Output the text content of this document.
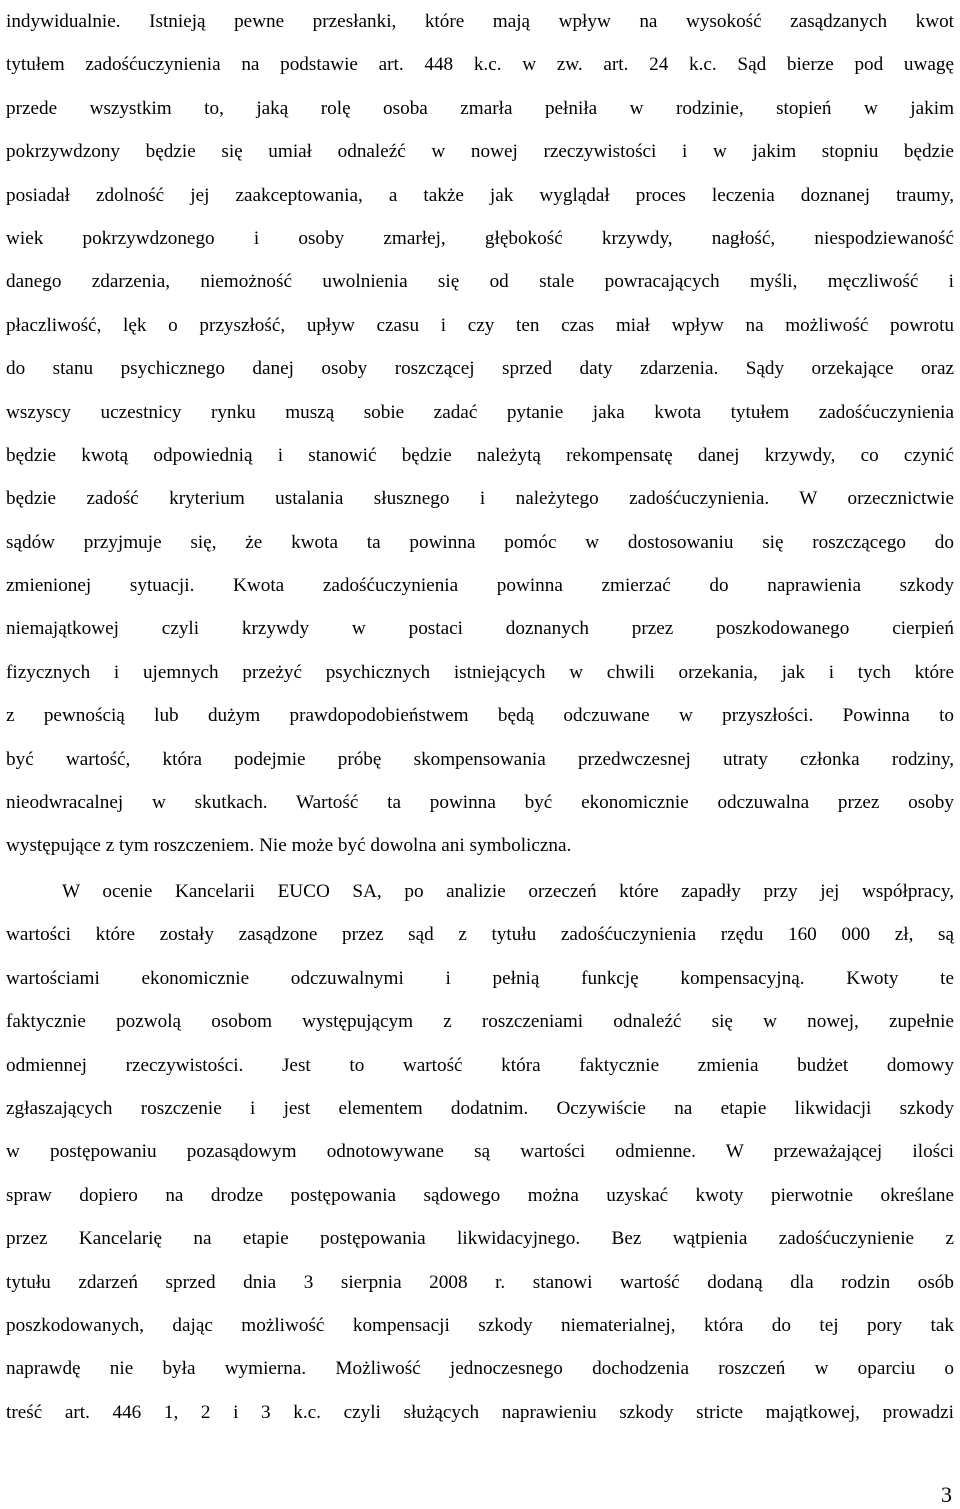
indywidualnie. Istnieją pewne przesłanki, które mają wpływ na wysokość zasądzanych kwot
tytułem zadośćuczynienia na podstawie art. 448 k.c. w zw. art. 24 k.c. Sąd bierze pod uwagę
przede wszystkim to, jaką rolę osoba zmarła pełniła w rodzinie, stopień w jakim
pokrzywdzony będzie się umiał odnaleźć w nowej rzeczywistości i w jakim stopniu będzie
posiadał zdolność jej zaakceptowania, a także jak wyglądał proces leczenia doznanej traumy,
wiek pokrzywdzonego i osoby zmarłej, głębokość krzywdy, nagłość, niespodziewaność
danego zdarzenia, niemożność uwolnienia się od stale powracających myśli, męczliwość i
płaczliwość, lęk o przyszłość, upływ czasu i czy ten czas miał wpływ na możliwość powrotu
do stanu psychicznego danej osoby roszczącej sprzed daty zdarzenia. Sądy orzekające oraz
wszyscy uczestnicy rynku muszą sobie zadać pytanie jaka kwota tytułem zadośćuczynienia
będzie kwotą odpowiednią i stanowić będzie należytą rekompensatę danej krzywdy, co czynić
będzie zadość kryterium ustalania słusznego i należytego zadośćuczynienia. W orzecznictwie
sądów przyjmuje się, że kwota ta powinna pomóc w dostosowaniu się roszczącego do
zmienionej sytuacji. Kwota zadośćuczynienia powinna zmierzać do naprawienia szkody
niemajątkowej czyli krzywdy w postaci doznanych przez poszkodowanego cierpień
fizycznych i ujemnych przeżyć psychicznych istniejących w chwili orzekania, jak i tych które
z pewnością lub dużym prawdopodobieństwem będą odczuwane w przyszłości. Powinna to
być wartość, która podejmie próbę skompensowania przedwczesnej utraty członka rodziny,
nieodwracalnej w skutkach. Wartość ta powinna być ekonomicznie odczuwalna przez osoby
występujące z tym roszczeniem. Nie może być dowolna ani symboliczna.
W ocenie Kancelarii EUCO SA, po analizie orzeczeń które zapadły przy jej współpracy,
wartości które zostały zasądzone przez sąd z tytułu zadośćuczynienia rzędu 160 000 zł, są
wartościami ekonomicznie odczuwalnymi i pełnią funkcję kompensacyjną. Kwoty te
faktycznie pozwolą osobom występującym z roszczeniami odnaleźć się w nowej, zupełnie
odmiennej rzeczywistości. Jest to wartość która faktycznie zmienia budżet domowy
zgłaszających roszczenie i jest elementem dodatnim. Oczywiście na etapie likwidacji szkody
w postępowaniu pozasądowym odnotowywane są wartości odmienne. W przeważającej ilości
spraw dopiero na drodze postępowania sądowego można uzyskać kwoty pierwotnie określane
przez Kancelarię na etapie postępowania likwidacyjnego. Bez wątpienia zadośćuczynienie z
tytułu zdarzeń sprzed dnia 3 sierpnia 2008 r. stanowi wartość dodaną dla rodzin osób
poszkodowanych, dając możliwość kompensacji szkody niematerialnej, która do tej pory tak
naprawdę nie była wymierna. Możliwość jednoczesnego dochodzenia roszczeń w oparciu o
treść art. 446 1, 2 i 3 k.c. czyli służących naprawieniu szkody stricte majątkowej, prowadzi
3
